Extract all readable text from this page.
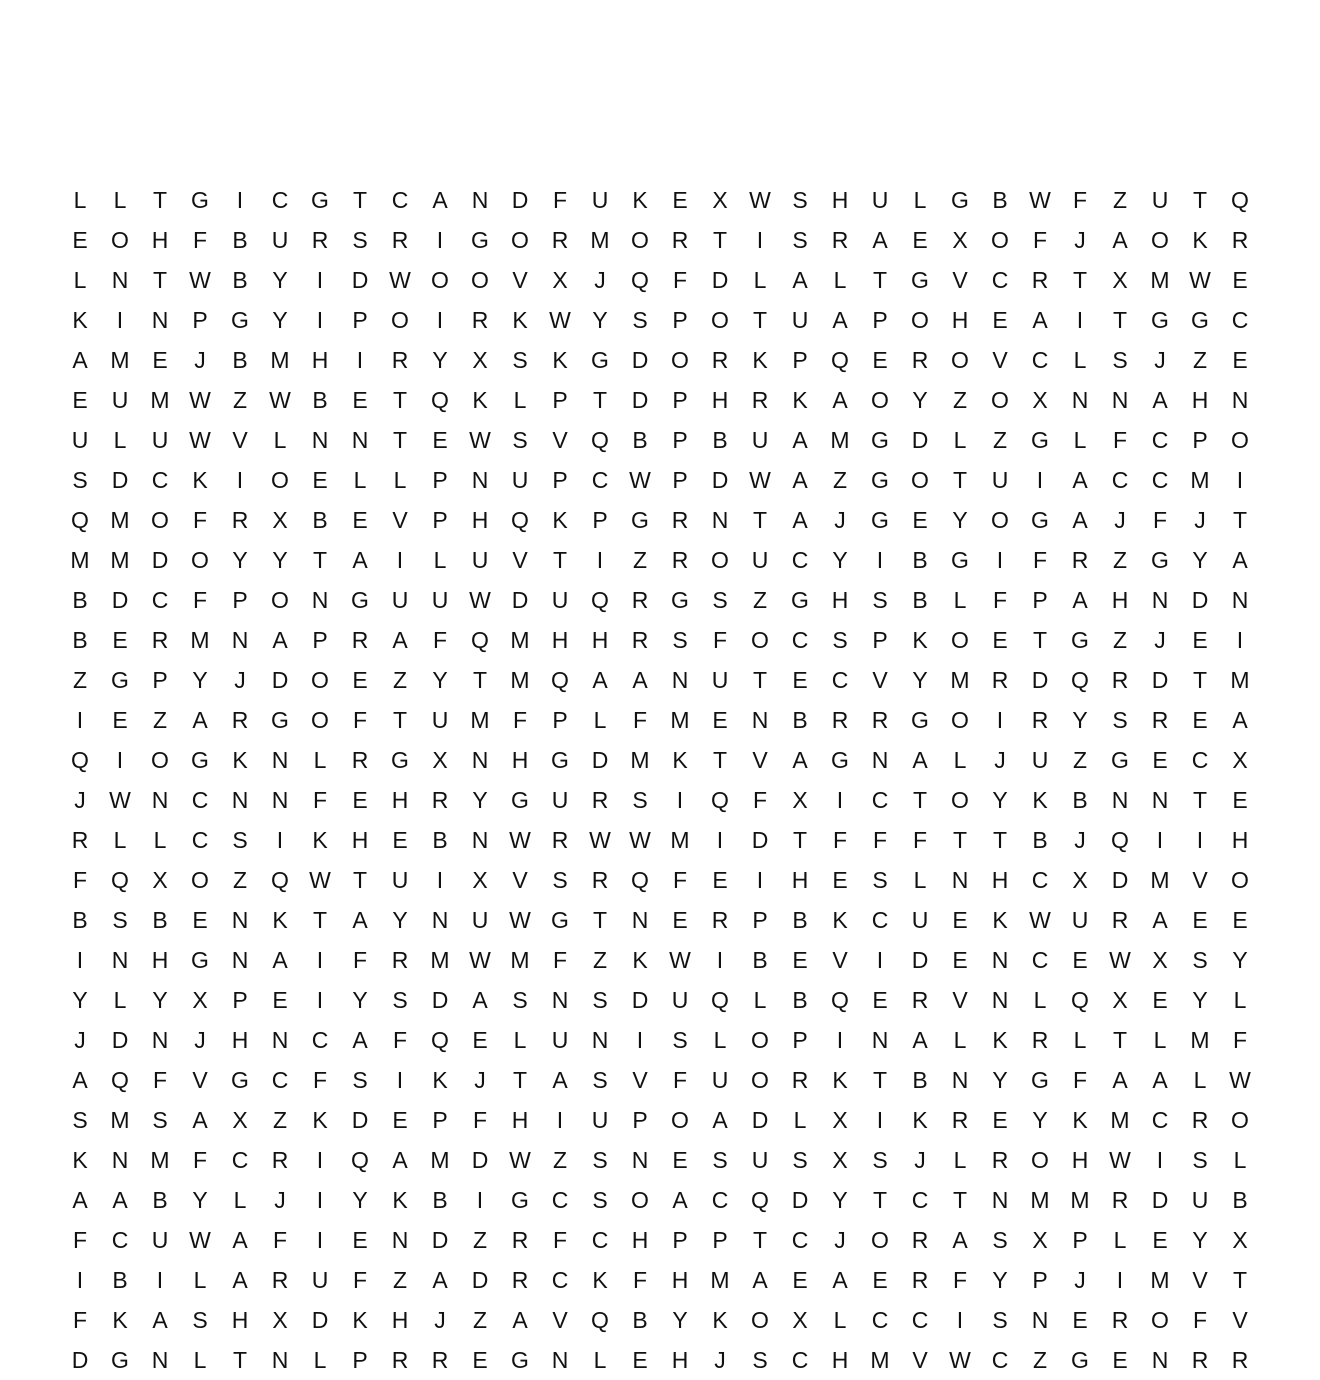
L	L	T	G	I	C G	T	C	A	N	D	F	U	K	E	X W S	H	U	L	G	B W F	Z	U	T	Q
E	O H	F	B	U	R	S	R	I	G O R M O R	T	I	S	R	A	E	X	O	F	J	A	O	K	R
L	N	T W B	Y	I	D W O O	V	X	J	Q	F	D	L	A	L	T	G	V	C	R	T	X M W E
K	I	N	P	G	Y	I	P	O	I	R	K W Y	S	P	O	T	U	A	P	O H	E	A	I	T	G G C
A M E	J	B M H	I	R	Y	X	S	K	G D O R	K	P	Q	E	R O	V	C	L	S	J	Z	E
E	U M W Z W B	E	T	Q	K	L	P	T	D	P	H	R	K	A	O	Y	Z	O	X	N	N	A	H	N
U	L	U W V	L	N	N	T	E W S	V	Q	B	P	B	U	A M G D	L	Z	G	L	F	C	P	O
S	D	C	K	I	O	E	L	L	P	N	U	P	C W P	D W A	Z	G O	T	U	I	A	C	C M	I
Q M O	F	R	X	B	E	V	P	H Q	K	P	G R	N	T	A	J	G	E	Y	O G	A	J	F	J	T
M M D O	Y	Y	T	A	I	L	U	V	T	I	Z	R O U	C	Y	I	B	G	I	F	R	Z	G	Y	A
B	D	C	F	P	O N G U	U W D	U Q R G	S	Z	G H	S	B	L	F	P	A	H	N	D	N
B	E	R M N	A	P	R	A	F	Q M H	H	R	S	F	O C	S	P	K	O	E	T	G	Z	J	E	I
Z	G	P	Y	J	D O	E	Z	Y	T	M Q	A	A	N	U	T	E	C	V	Y M R	D Q R	D	T	M
I	E	Z	A	R G O	F	T	U M	F	P	L	F	M E	N	B	R	R G O	I	R	Y	S	R	E	A
Q	I	O G	K	N	L	R G	X	N	H G D M K	T	V	A	G N	A	L	J	U	Z	G	E	C	X
J	W N	C	N	N	F	E	H	R	Y	G U	R	S	I	Q	F	X	I	C	T	O	Y	K	B	N	N	T	E
R	L	L	C	S	I	K	H	E	B	N W R W W M	I	D	T	F	F	F	T	T	B	J	Q	I	I	H
F	Q	X	O	Z	Q W T	U	I	X	V	S	R Q	F	E	I	H	E	S	L	N	H	C	X	D M V	O
B	S	B	E	N	K	T	A	Y	N	U W G	T	N	E	R	P	B	K	C	U	E	K W U	R	A	E	E
I	N	H G N	A	I	F	R M W M	F	Z	K W	I	B	E	V	I	D	E	N	C	E W X	S	Y
Y	L	Y	X	P	E	I	Y	S	D	A	S	N	S	D	U Q	L	B	Q	E	R	V	N	L	Q	X	E	Y	L
J	D	N	J	H	N	C	A	F	Q	E	L	U	N	I	S	L	O	P	I	N	A	L	K	R	L	T	L	M	F
A	Q	F	V	G C	F	S	I	K	J	T	A	S	V	F	U O R	K	T	B	N	Y	G	F	A	A	L W
S M S	A	X	Z	K	D	E	P	F	H	I	U	P	O	A	D	L	X	I	K	R	E	Y	K M C	R O
K	N M	F	C	R	I	Q	A M D W Z	S	N	E	S	U	S	X	S	J	L	R O H W	I	S	L
A	A	B	Y	L	J	I	Y	K	B	I	G C	S	O	A	C Q D	Y	T	C	T	N M M R	D	U	B
F	C	U W A	F	I	E	N	D	Z	R	F	C	H	P	P	T	C	J	O R	A	S	X	P	L	E	Y	X
I	B	I	L	A	R	U	F	Z	A	D	R	C	K	F	H M A	E	A	E	R	F	Y	P	J	I	M V	T
F	K	A	S	H	X	D	K	H	J	Z	A	V	Q	B	Y	K	O	X	L	C	C	I	S	N	E	R O	F	V
D G N	L	T	N	L	P	R	R	E	G N	L	E	H	J	S	C	H M V W C	Z	G	E	N	R	R
